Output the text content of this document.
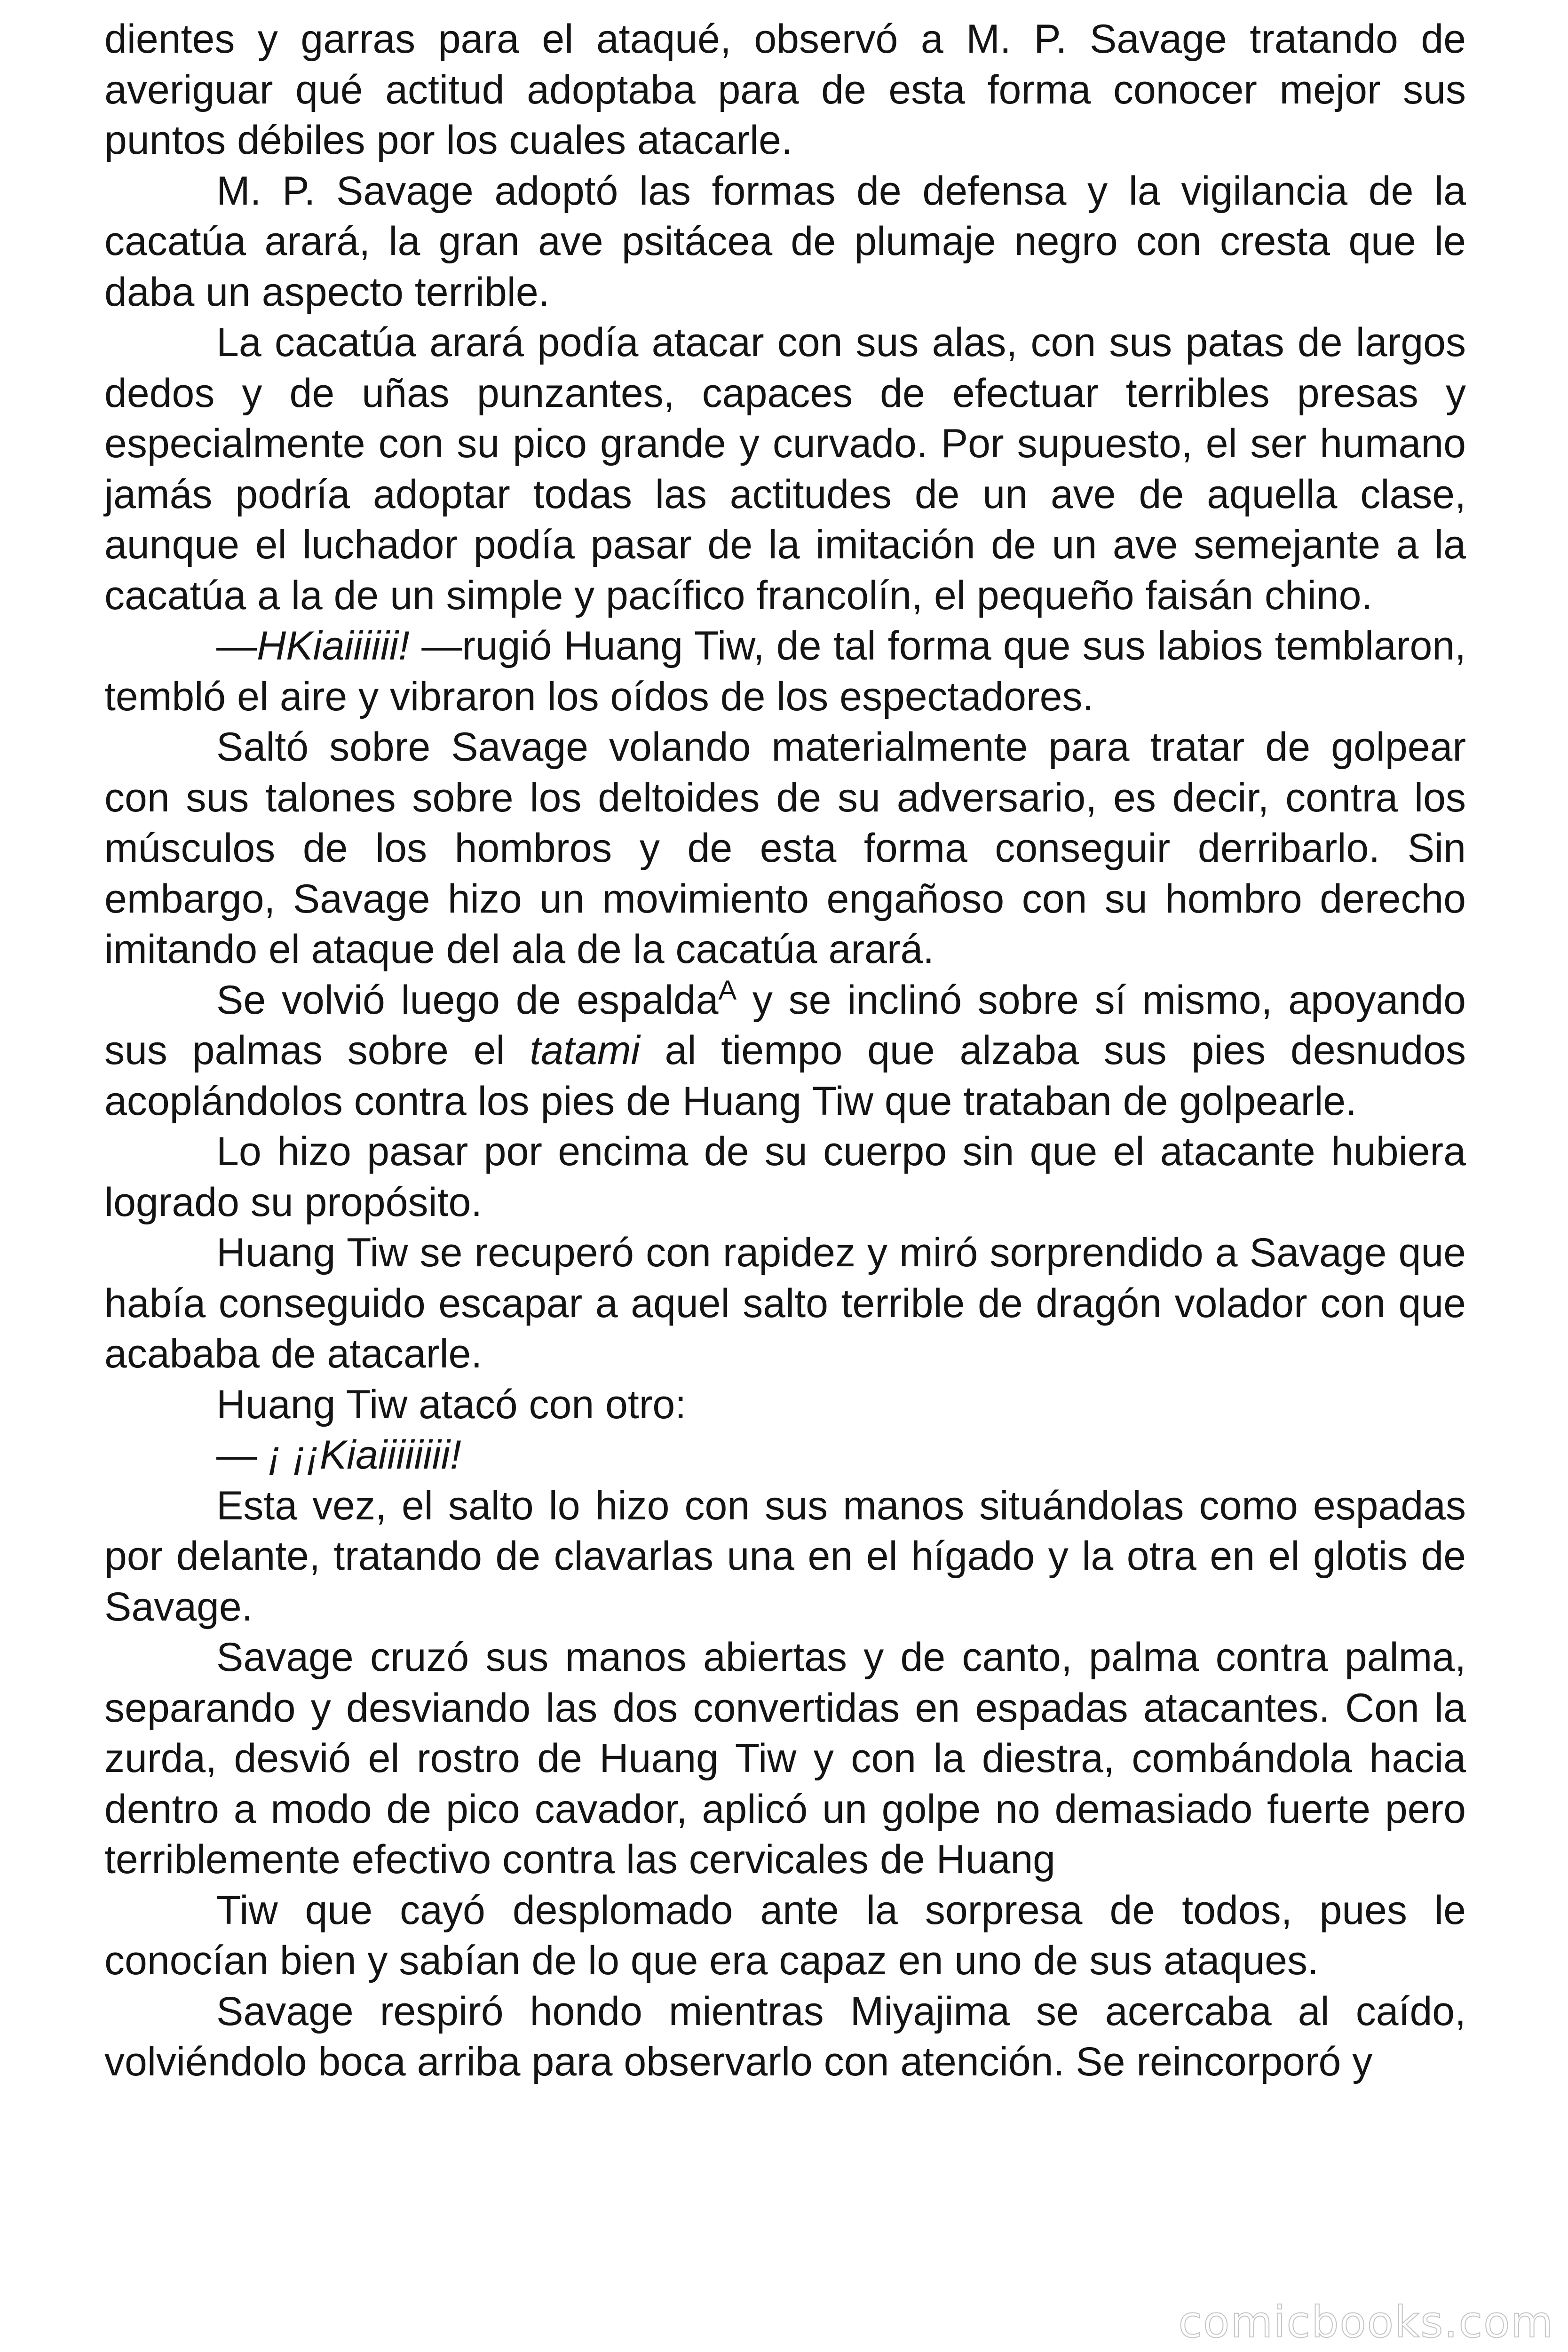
dientes y garras para el ataqué, observó a M. P. Savage tratando de averiguar qué actitud adoptaba para de esta forma conocer mejor sus puntos débiles por los cuales atacarle.

M. P. Savage adoptó las formas de defensa y la vigilancia de la cacatúa arará, la gran ave psitácea de plumaje negro con cresta que le daba un aspecto terrible.

La cacatúa arará podía atacar con sus alas, con sus patas de largos dedos y de uñas punzantes, capaces de efectuar terribles presas y especialmente con su pico grande y curvado. Por supuesto, el ser humano jamás podría adoptar todas las actitudes de un ave de aquella clase, aunque el luchador podía pasar de la imitación de un ave semejante a la cacatúa a la de un simple y pacífico francolín, el pequeño faisán chino.

—HKiaiiiiii! —rugió Huang Tiw, de tal forma que sus labios temblaron, tembló el aire y vibraron los oídos de los espectadores.

Saltó sobre Savage volando materialmente para tratar de golpear con sus talones sobre los deltoides de su adversario, es decir, contra los músculos de los hombros y de esta forma conseguir derribarlo. Sin embargo, Savage hizo un movimiento engañoso con su hombro derecho imitando el ataque del ala de la cacatúa arará.

Se volvió luego de espalda$^A$ y se inclinó sobre sí mismo, apoyando sus palmas sobre el tatami al tiempo que alzaba sus pies desnudos acoplándolos contra los pies de Huang Tiw que trataban de golpearle.

Lo hizo pasar por encima de su cuerpo sin que el atacante hubiera logrado su propósito.

Huang Tiw se recuperó con rapidez y miró sorprendido a Savage que había conseguido escapar a aquel salto terrible de dragón volador con que acababa de atacarle.

Huang Tiw atacó con otro:

— ¡ ¡¡Kiaiiiiiiii!

Esta vez, el salto lo hizo con sus manos situándolas como espadas por delante, tratando de clavarlas una en el hígado y la otra en el glotis de Savage.

Savage cruzó sus manos abiertas y de canto, palma contra palma, separando y desviando las dos convertidas en espadas atacantes. Con la zurda, desvió el rostro de Huang Tiw y con la diestra, combándola hacia dentro a modo de pico cavador, aplicó un golpe no demasiado fuerte pero terriblemente efectivo contra las cervicales de Huang

Tiw que cayó desplomado ante la sorpresa de todos, pues le conocían bien y sabían de lo que era capaz en uno de sus ataques.

Savage respiró hondo mientras Miyajima se acercaba al caído, volviéndolo boca arriba para observarlo con atención. Se reincorporó y

comicbooks.com
